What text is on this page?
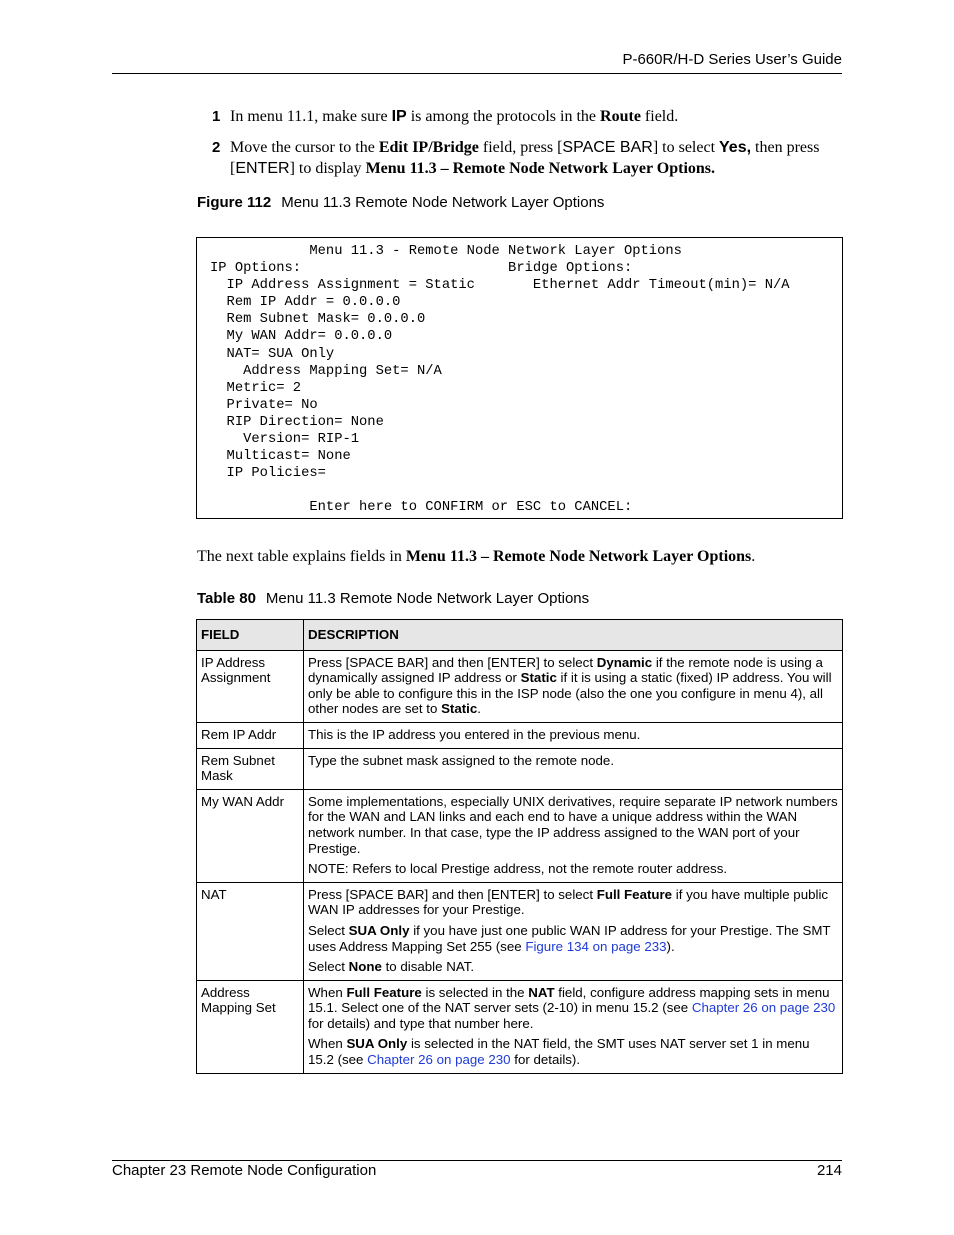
P-660R/H-D Series User’s Guide
1 In menu 11.1, make sure IP is among the protocols in the Route field.
2 Move the cursor to the Edit IP/Bridge field, press [SPACE BAR] to select Yes, then press [ENTER] to display Menu 11.3 – Remote Node Network Layer Options.
Figure 112 Menu 11.3 Remote Node Network Layer Options
Menu 11.3 - Remote Node Network Layer Options
IP Options:                         Bridge Options:
IP Address Assignment = Static       Ethernet Addr Timeout(min)= N/A
Rem IP Addr = 0.0.0.0
Rem Subnet Mask= 0.0.0.0
My WAN Addr= 0.0.0.0
NAT= SUA Only
Address Mapping Set= N/A
Metric= 2
Private= No
RIP Direction= None
Version= RIP-1
Multicast= None
IP Policies=

Enter here to CONFIRM or ESC to CANCEL:
The next table explains fields in Menu 11.3 – Remote Node Network Layer Options.
Table 80 Menu 11.3 Remote Node Network Layer Options
FIELD	DESCRIPTION
IP Address Assignment	Press [SPACE BAR] and then [ENTER] to select Dynamic if the remote node is using a dynamically assigned IP address or Static if it is using a static (fixed) IP address. You will only be able to configure this in the ISP node (also the one you configure in menu 4), all other nodes are set to Static.
Rem IP Addr	This is the IP address you entered in the previous menu.
Rem Subnet Mask	Type the subnet mask assigned to the remote node.
My WAN Addr	Some implementations, especially UNIX derivatives, require separate IP network numbers for the WAN and LAN links and each end to have a unique address within the WAN network number. In that case, type the IP address assigned to the WAN port of your Prestige.

NOTE: Refers to local Prestige address, not the remote router address.

NAT	Press [SPACE BAR] and then [ENTER] to select Full Feature if you have multiple public WAN IP addresses for your Prestige.

Select SUA Only if you have just one public WAN IP address for your Prestige. The SMT uses Address Mapping Set 255 (see Figure 134 on page 233).

Select None to disable NAT.

Address Mapping Set	When Full Feature is selected in the NAT field, configure address mapping sets in menu 15.1. Select one of the NAT server sets (2-10) in menu 15.2 (see Chapter 26 on page 230 for details) and type that number here.

When SUA Only is selected in the NAT field, the SMT uses NAT server set 1 in menu 15.2 (see Chapter 26 on page 230 for details).

Chapter 23 Remote Node Configuration	214
